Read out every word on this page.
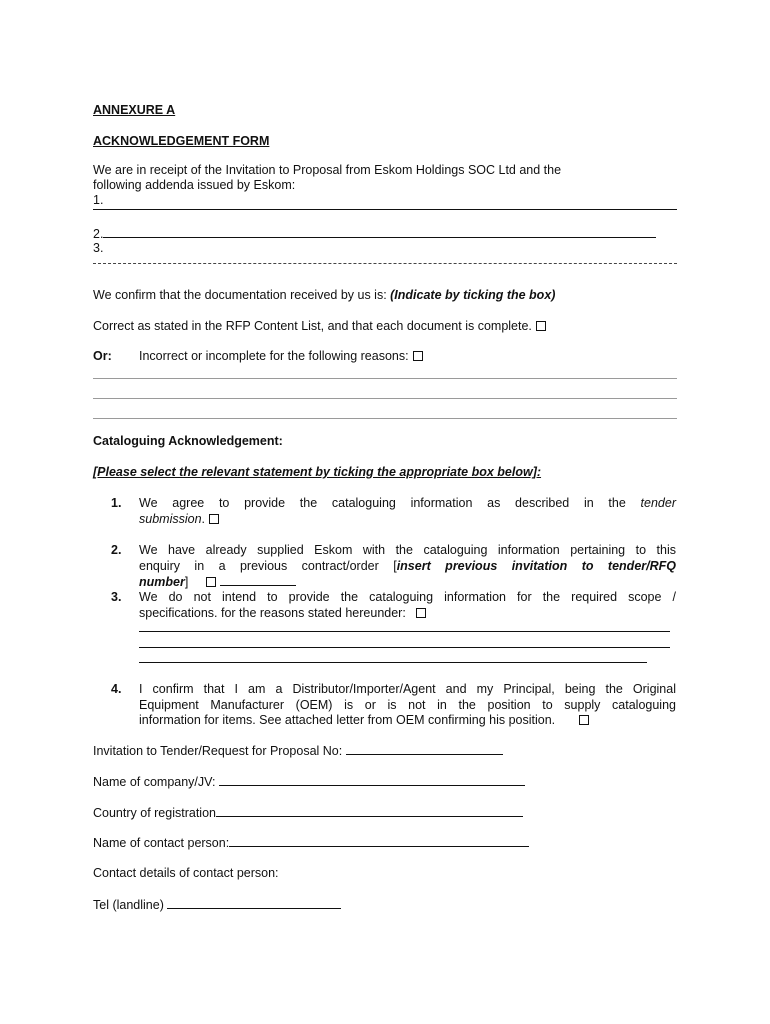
ANNEXURE A
ACKNOWLEDGEMENT FORM
We are in receipt of the Invitation to Proposal from Eskom Holdings SOC Ltd and the
following addenda issued by Eskom:
1.
2.
3.
We confirm that the documentation received by us is: (Indicate by ticking the box)
Correct as stated in the RFP Content List, and that each document is complete.
Or: Incorrect or incomplete for the following reasons:
Cataloguing Acknowledgement:
[Please select the relevant statement by ticking the appropriate box below]:
1. We agree to provide the cataloguing information as described in the tender
submission.
2. We have already supplied Eskom with the cataloguing information pertaining to this
enquiry in a previous contract/order [insert previous invitation to tender/RFQ
number]
3. We do not intend to provide the cataloguing information for the required scope /
specifications. for the reasons stated hereunder:
4. I confirm that I am a Distributor/Importer/Agent and my Principal, being the Original
Equipment Manufacturer (OEM) is or is not in the position to supply cataloguing
information for items. See attached letter from OEM confirming his position.
Invitation to Tender/Request for Proposal No:
Name of company/JV:
Country of registration
Name of contact person:
Contact details of contact person:
Tel (landline)
